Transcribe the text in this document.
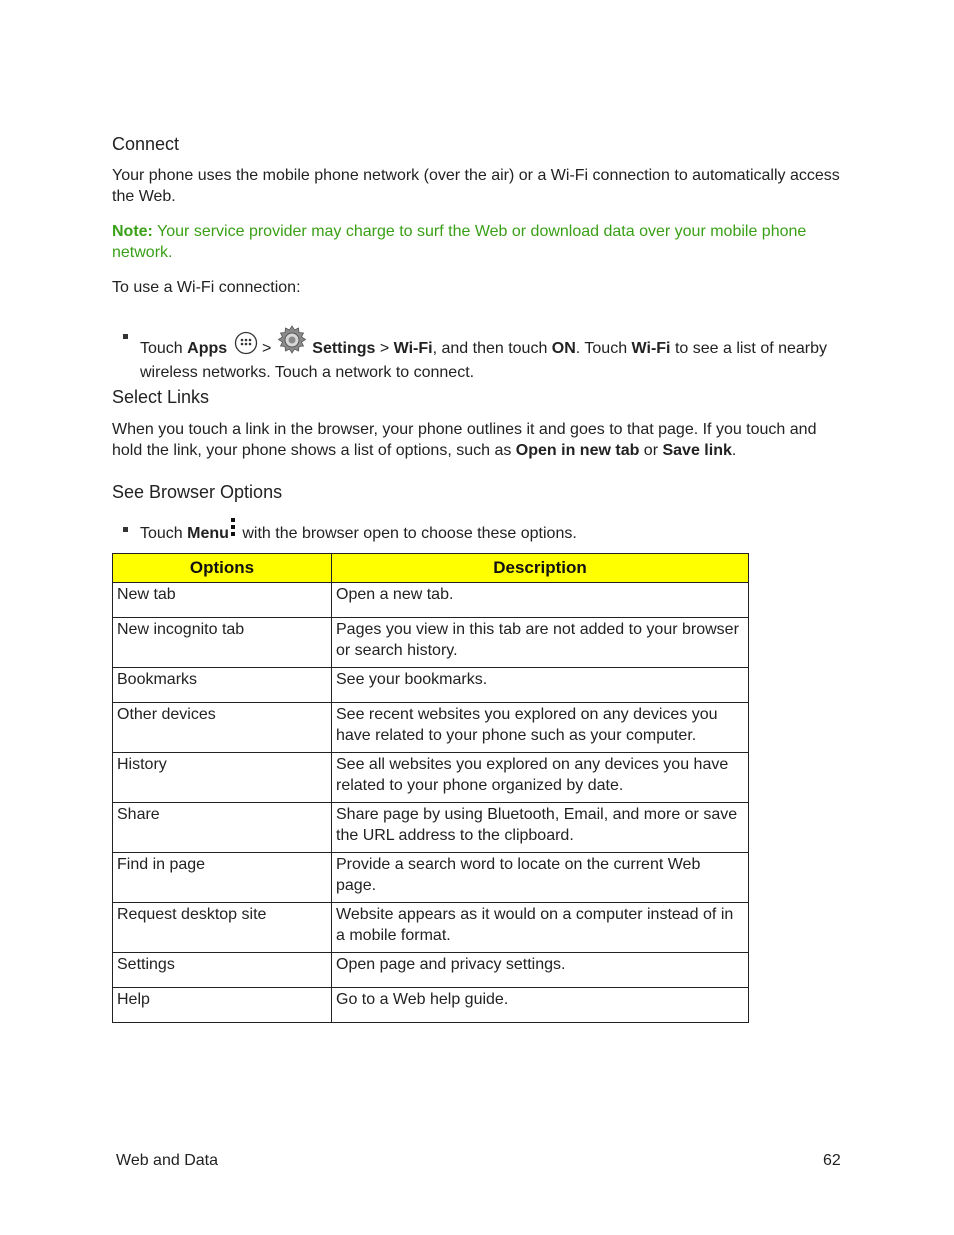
Connect

Your phone uses the mobile phone network (over the air) or a Wi-Fi connection to automatically access the Web.

Note: Your service provider may charge to surf the Web or download data over your mobile phone network.

To use a Wi-Fi connection:

Touch Apps  >  Settings > Wi-Fi, and then touch ON. Touch Wi-Fi to see a list of nearby wireless networks. Touch a network to connect.
Select Links

When you touch a link in the browser, your phone outlines it and goes to that page. If you touch and hold the link, your phone shows a list of options, such as Open in new tab or Save link.

See Browser Options
Touch Menu with the browser open to choose these options.
Options	Description
New tab	Open a new tab.
New incognito tab	Pages you view in this tab are not added to your browser or search history.
Bookmarks	See your bookmarks.
Other devices	See recent websites you explored on any devices you have related to your phone such as your computer.
History	See all websites you explored on any devices you have related to your phone organized by date.
Share	Share page by using Bluetooth, Email, and more or save the URL address to the clipboard.
Find in page	Provide a search word to locate on the current Web page.
Request desktop site	Website appears as it would on a computer instead of in a mobile format.
Settings	Open page and privacy settings.
Help	Go to a Web help guide.
Web and Data	62
